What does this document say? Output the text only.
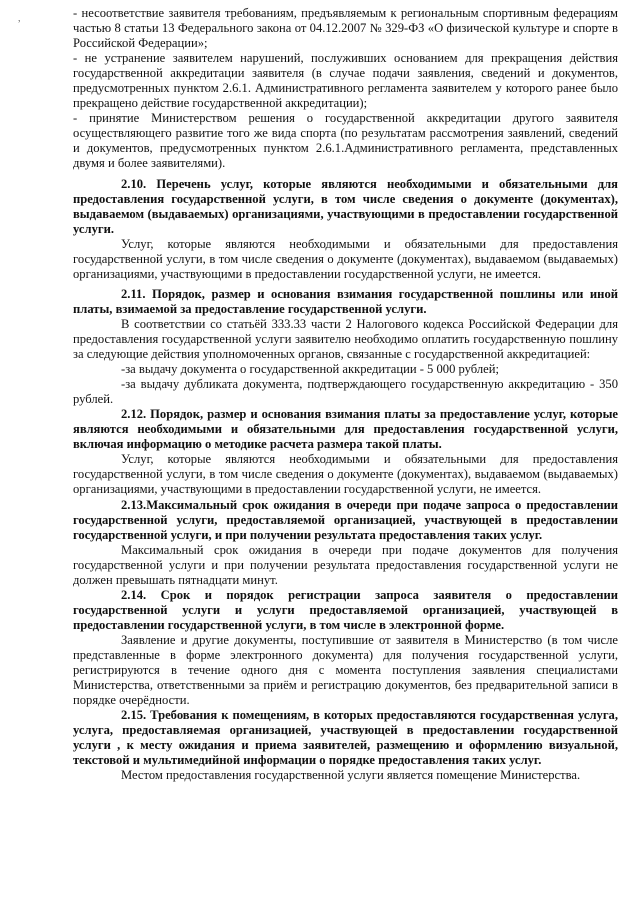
,	- несоответствие заявителя требованиям, предъявляемым к региональным спортивным федерациям частью 8 статьи 13 Федерального закона от 04.12.2007 № 329-ФЗ «О физической культуре и спорте в Российской Федерации»;

- не устранение заявителем нарушений, послуживших основанием для прекращения действия государственной аккредитации заявителя (в случае подачи заявления, сведений и документов, предусмотренных пунктом 2.6.1. Административного регламента заявителем у которого ранее было прекращено действие государственной аккредитации);

- принятие Министерством решения о государственной аккредитации другого заявителя осуществляющего развитие того же вида спорта (по результатам рассмотрения заявлений, сведений и документов, предусмотренных пунктом 2.6.1.Административного регламента, представленных двумя и более заявителями).

2.10. Перечень услуг, которые являются необходимыми и обязательными для предоставления государственной услуги, в том числе сведения о документе (документах), выдаваемом (выдаваемых) организациями, участвующими в предоставлении государственной услуги.

Услуг, которые являются необходимыми и обязательными для предоставления государственной услуги, в том числе сведения о документе (документах), выдаваемом (выдаваемых) организациями, участвующими в предоставлении государственной услуги, не имеется.

2.11. Порядок, размер и основания взимания государственной пошлины или иной платы, взимаемой за предоставление государственной услуги.

В соответствии со статьёй 333.33 части 2 Налогового кодекса Российской Федерации для предоставления государственной услуги заявителю необходимо оплатить государственную пошлину за следующие действия уполномоченных органов, связанные с государственной аккредитацией:

-за выдачу документа о государственной аккредитации - 5 000 рублей;

-за выдачу дубликата документа, подтверждающего государственную аккредитацию - 350 рублей.

2.12. Порядок, размер и основания взимания платы за предоставление услуг, которые являются необходимыми и обязательными для предоставления государственной услуги, включая информацию о методике расчета размера такой платы.

Услуг, которые являются необходимыми и обязательными для предоставления государственной услуги, в том числе сведения о документе (документах), выдаваемом (выдаваемых) организациями, участвующими в предоставлении государственной услуги, не имеется.

2.13.Максимальный срок ожидания в очереди при подаче запроса о предоставлении государственной услуги, предоставляемой организацией, участвующей в предоставлении государственной услуги, и при получении результата предоставления таких услуг.

Максимальный срок ожидания в очереди при подаче документов для получения государственной услуги и при получении результата предоставления государственной услуги не должен превышать пятнадцати минут.

2.14. Срок и порядок регистрации запроса заявителя о предоставлении государственной услуги и услуги предоставляемой организацией, участвующей в предоставлении государственной услуги, в том числе в электронной форме.

Заявление и другие документы, поступившие от заявителя в Министерство (в том числе представленные в форме электронного документа) для получения государственной услуги, регистрируются в течение одного дня с момента поступления заявления специалистами Министерства, ответственными за приём и регистрацию документов, без предварительной записи в порядке очерёдности.

2.15. Требования к помещениям, в которых предоставляются государственная услуга, услуга, предоставляемая организацией, участвующей в предоставлении государственной услуги , к месту ожидания и приема заявителей, размещению и оформлению визуальной, текстовой и мультимедийной информации о порядке предоставления таких услуг.

Местом предоставления государственной услуги является помещение Министерства.
